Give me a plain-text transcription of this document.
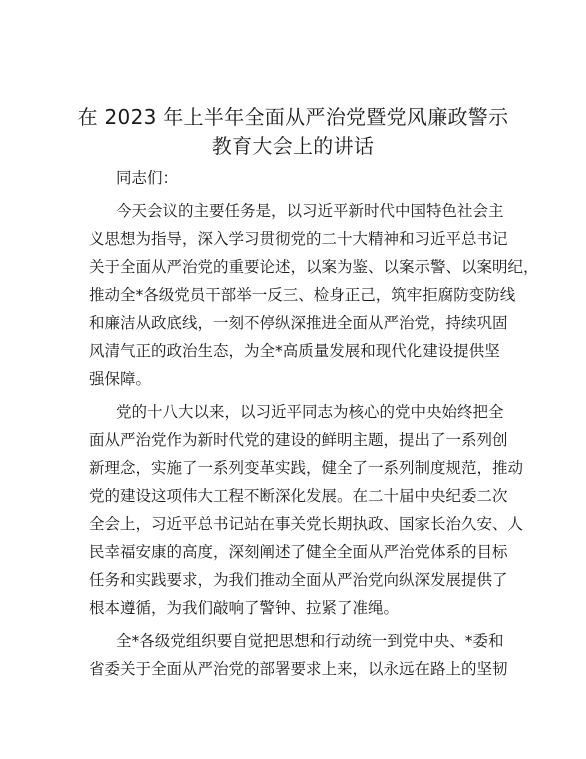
在 2023 年上半年全面从严治党暨党风廉政警示
教育大会上的讲话

同志们：

今天会议的主要任务是，以习近平新时代中国特色社会主

义思想为指导，深入学习贯彻党的二十大精神和习近平总书记

关于全面从严治党的重要论述，以案为鉴、以案示警、以案明纪，

推动全*各级党员干部举一反三、检身正己，筑牢拒腐防变防线

和廉洁从政底线，一刻不停纵深推进全面从严治党，持续巩固

风清气正的政治生态，为全*高质量发展和现代化建设提供坚

强保障。

党的十八大以来，以习近平同志为核心的党中央始终把全

面从严治党作为新时代党的建设的鲜明主题，提出了一系列创

新理念，实施了一系列变革实践，健全了一系列制度规范，推动

党的建设这项伟大工程不断深化发展。在二十届中央纪委二次

全会上，习近平总书记站在事关党长期执政、国家长治久安、人

民幸福安康的高度，深刻阐述了健全全面从严治党体系的目标

任务和实践要求，为我们推动全面从严治党向纵深发展提供了

根本遵循，为我们敲响了警钟、拉紧了准绳。

全*各级党组织要自觉把思想和行动统一到党中央、*委和

省委关于全面从严治党的部署要求上来，以永远在路上的坚韧
